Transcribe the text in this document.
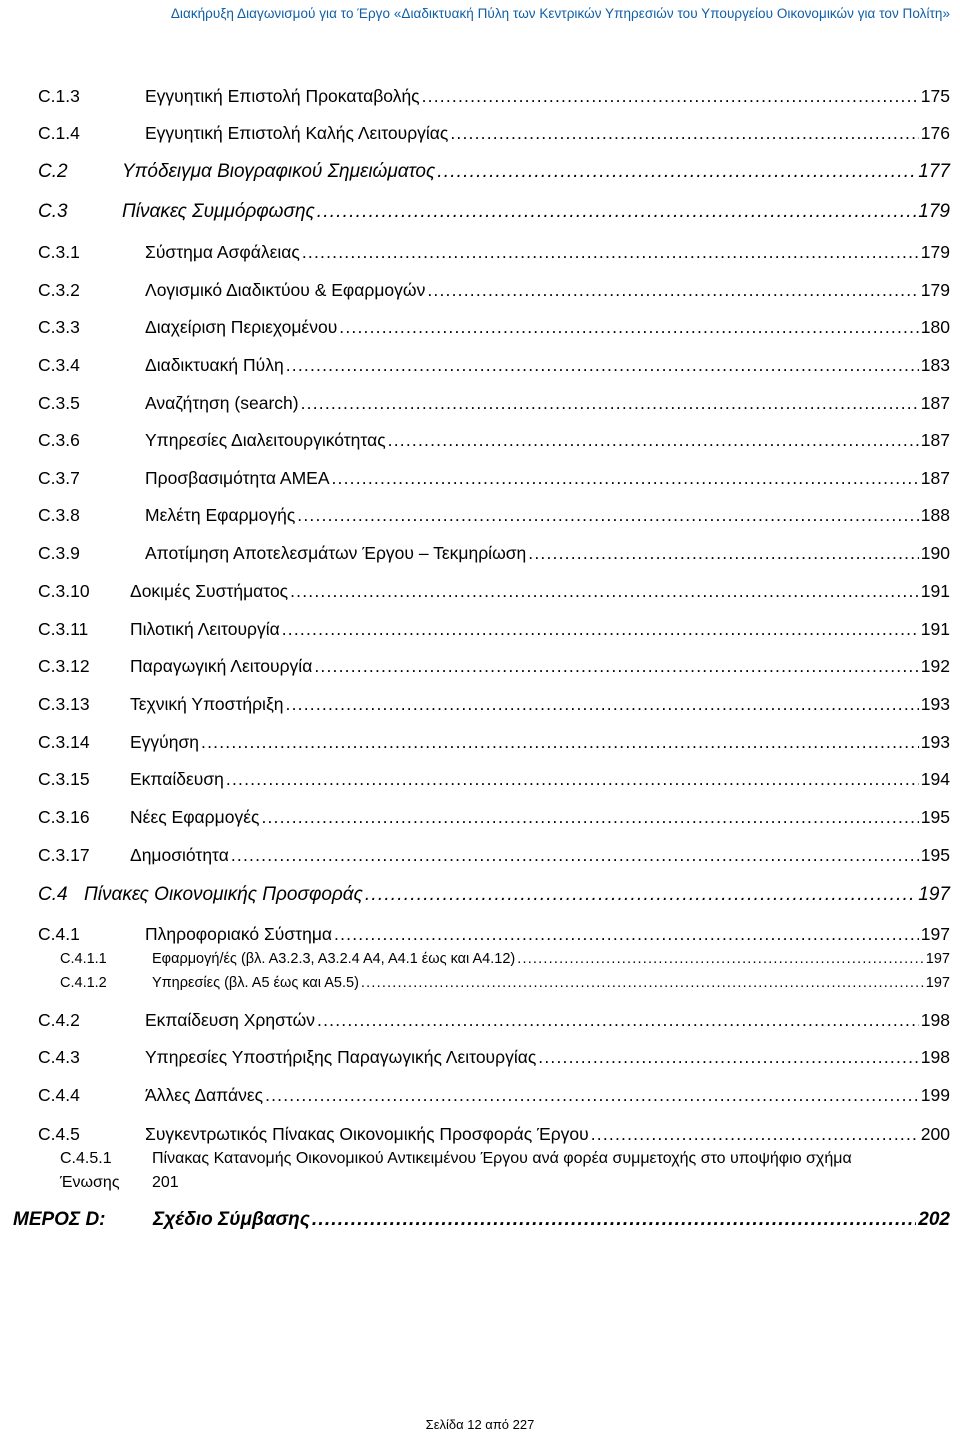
Διακήρυξη Διαγωνισμού για το Έργο «Διαδικτυακή Πύλη των Κεντρικών Υπηρεσιών του Υπουργείου Οικονομικών για τον Πολίτη»
C.1.3	Εγγυητική Επιστολή Προκαταβολής .....	175
C.1.4	Εγγυητική Επιστολή Καλής Λειτουργίας .....	176
C.2	Υπόδειγμα Βιογραφικού Σημειώματος .....	177
C.3	Πίνακες Συμμόρφωσης .....	179
C.3.1	Σύστημα Ασφάλειας .....	179
C.3.2	Λογισμικό Διαδικτύου & Εφαρμογών .....	179
C.3.3	Διαχείριση Περιεχομένου .....	180
C.3.4	Διαδικτυακή Πύλη .....	183
C.3.5	Αναζήτηση (search) .....	187
C.3.6	Υπηρεσίες Διαλειτουργικότητας .....	187
C.3.7	Προσβασιμότητα ΑΜΕΑ .....	187
C.3.8	Μελέτη Εφαρμογής .....	188
C.3.9	Αποτίμηση Αποτελεσμάτων Έργου – Τεκμηρίωση .....	190
C.3.10	Δοκιμές Συστήματος .....	191
C.3.11	Πιλοτική Λειτουργία .....	191
C.3.12	Παραγωγική Λειτουργία .....	192
C.3.13	Τεχνική Υποστήριξη .....	193
C.3.14	Εγγύηση .....	193
C.3.15	Εκπαίδευση .....	194
C.3.16	Νέες Εφαρμογές .....	195
C.3.17	Δημοσιότητα .....	195
C.4 Πίνακες Οικονομικής Προσφοράς .....	197
C.4.1	Πληροφοριακό Σύστημα .....	197
C.4.1.1	Εφαρμογή/ές (βλ. Α3.2.3, Α3.2.4 Α4, Α4.1 έως και Α4.12) .....	197
C.4.1.2	Υπηρεσίες (βλ. Α5 έως και Α5.5) .....	197
C.4.2	Εκπαίδευση Χρηστών .....	198
C.4.3	Υπηρεσίες Υποστήριξης Παραγωγικής Λειτουργίας .....	198
C.4.4	Άλλες Δαπάνες .....	199
C.4.5	Συγκεντρωτικός Πίνακας Οικονομικής Προσφοράς Έργου .....	200
C.4.5.1	Πίνακας Κατανομής Οικονομικού Αντικειμένου Έργου ανά φορέα συμμετοχής στο υποψήφιο σχήμα
Ένωσης 201
ΜΕΡΟΣ D:	Σχέδιο Σύμβασης .....	202
Σελίδα 12 από 227
